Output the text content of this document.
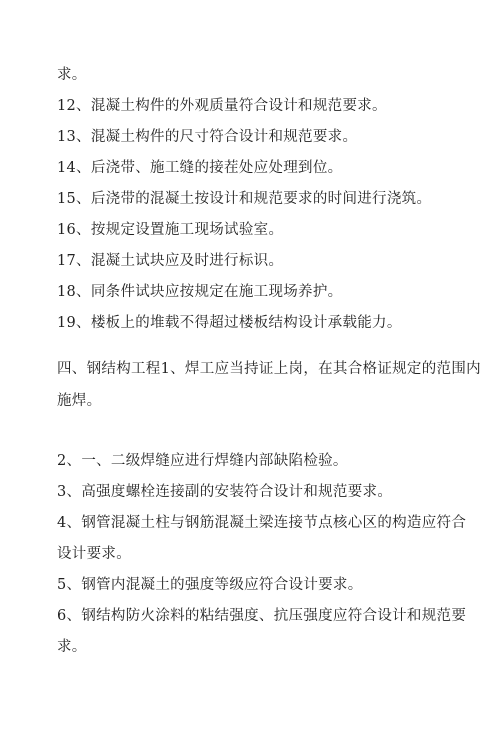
求。
12、混凝土构件的外观质量符合设计和规范要求。
13、混凝土构件的尺寸符合设计和规范要求。
14、后浇带、施工缝的接茬处应处理到位。
15、后浇带的混凝土按设计和规范要求的时间进行浇筑。
16、按规定设置施工现场试验室。
17、混凝土试块应及时进行标识。
18、同条件试块应按规定在施工现场养护。
19、楼板上的堆载不得超过楼板结构设计承载能力。
四、钢结构工程1、焊工应当持证上岗，在其合格证规定的范围内
施焊。
2、一、二级焊缝应进行焊缝内部缺陷检验。
3、高强度螺栓连接副的安装符合设计和规范要求。
4、钢管混凝土柱与钢筋混凝土梁连接节点核心区的构造应符合
设计要求。
5、钢管内混凝土的强度等级应符合设计要求。
6、钢结构防火涂料的粘结强度、抗压强度应符合设计和规范要
求。
